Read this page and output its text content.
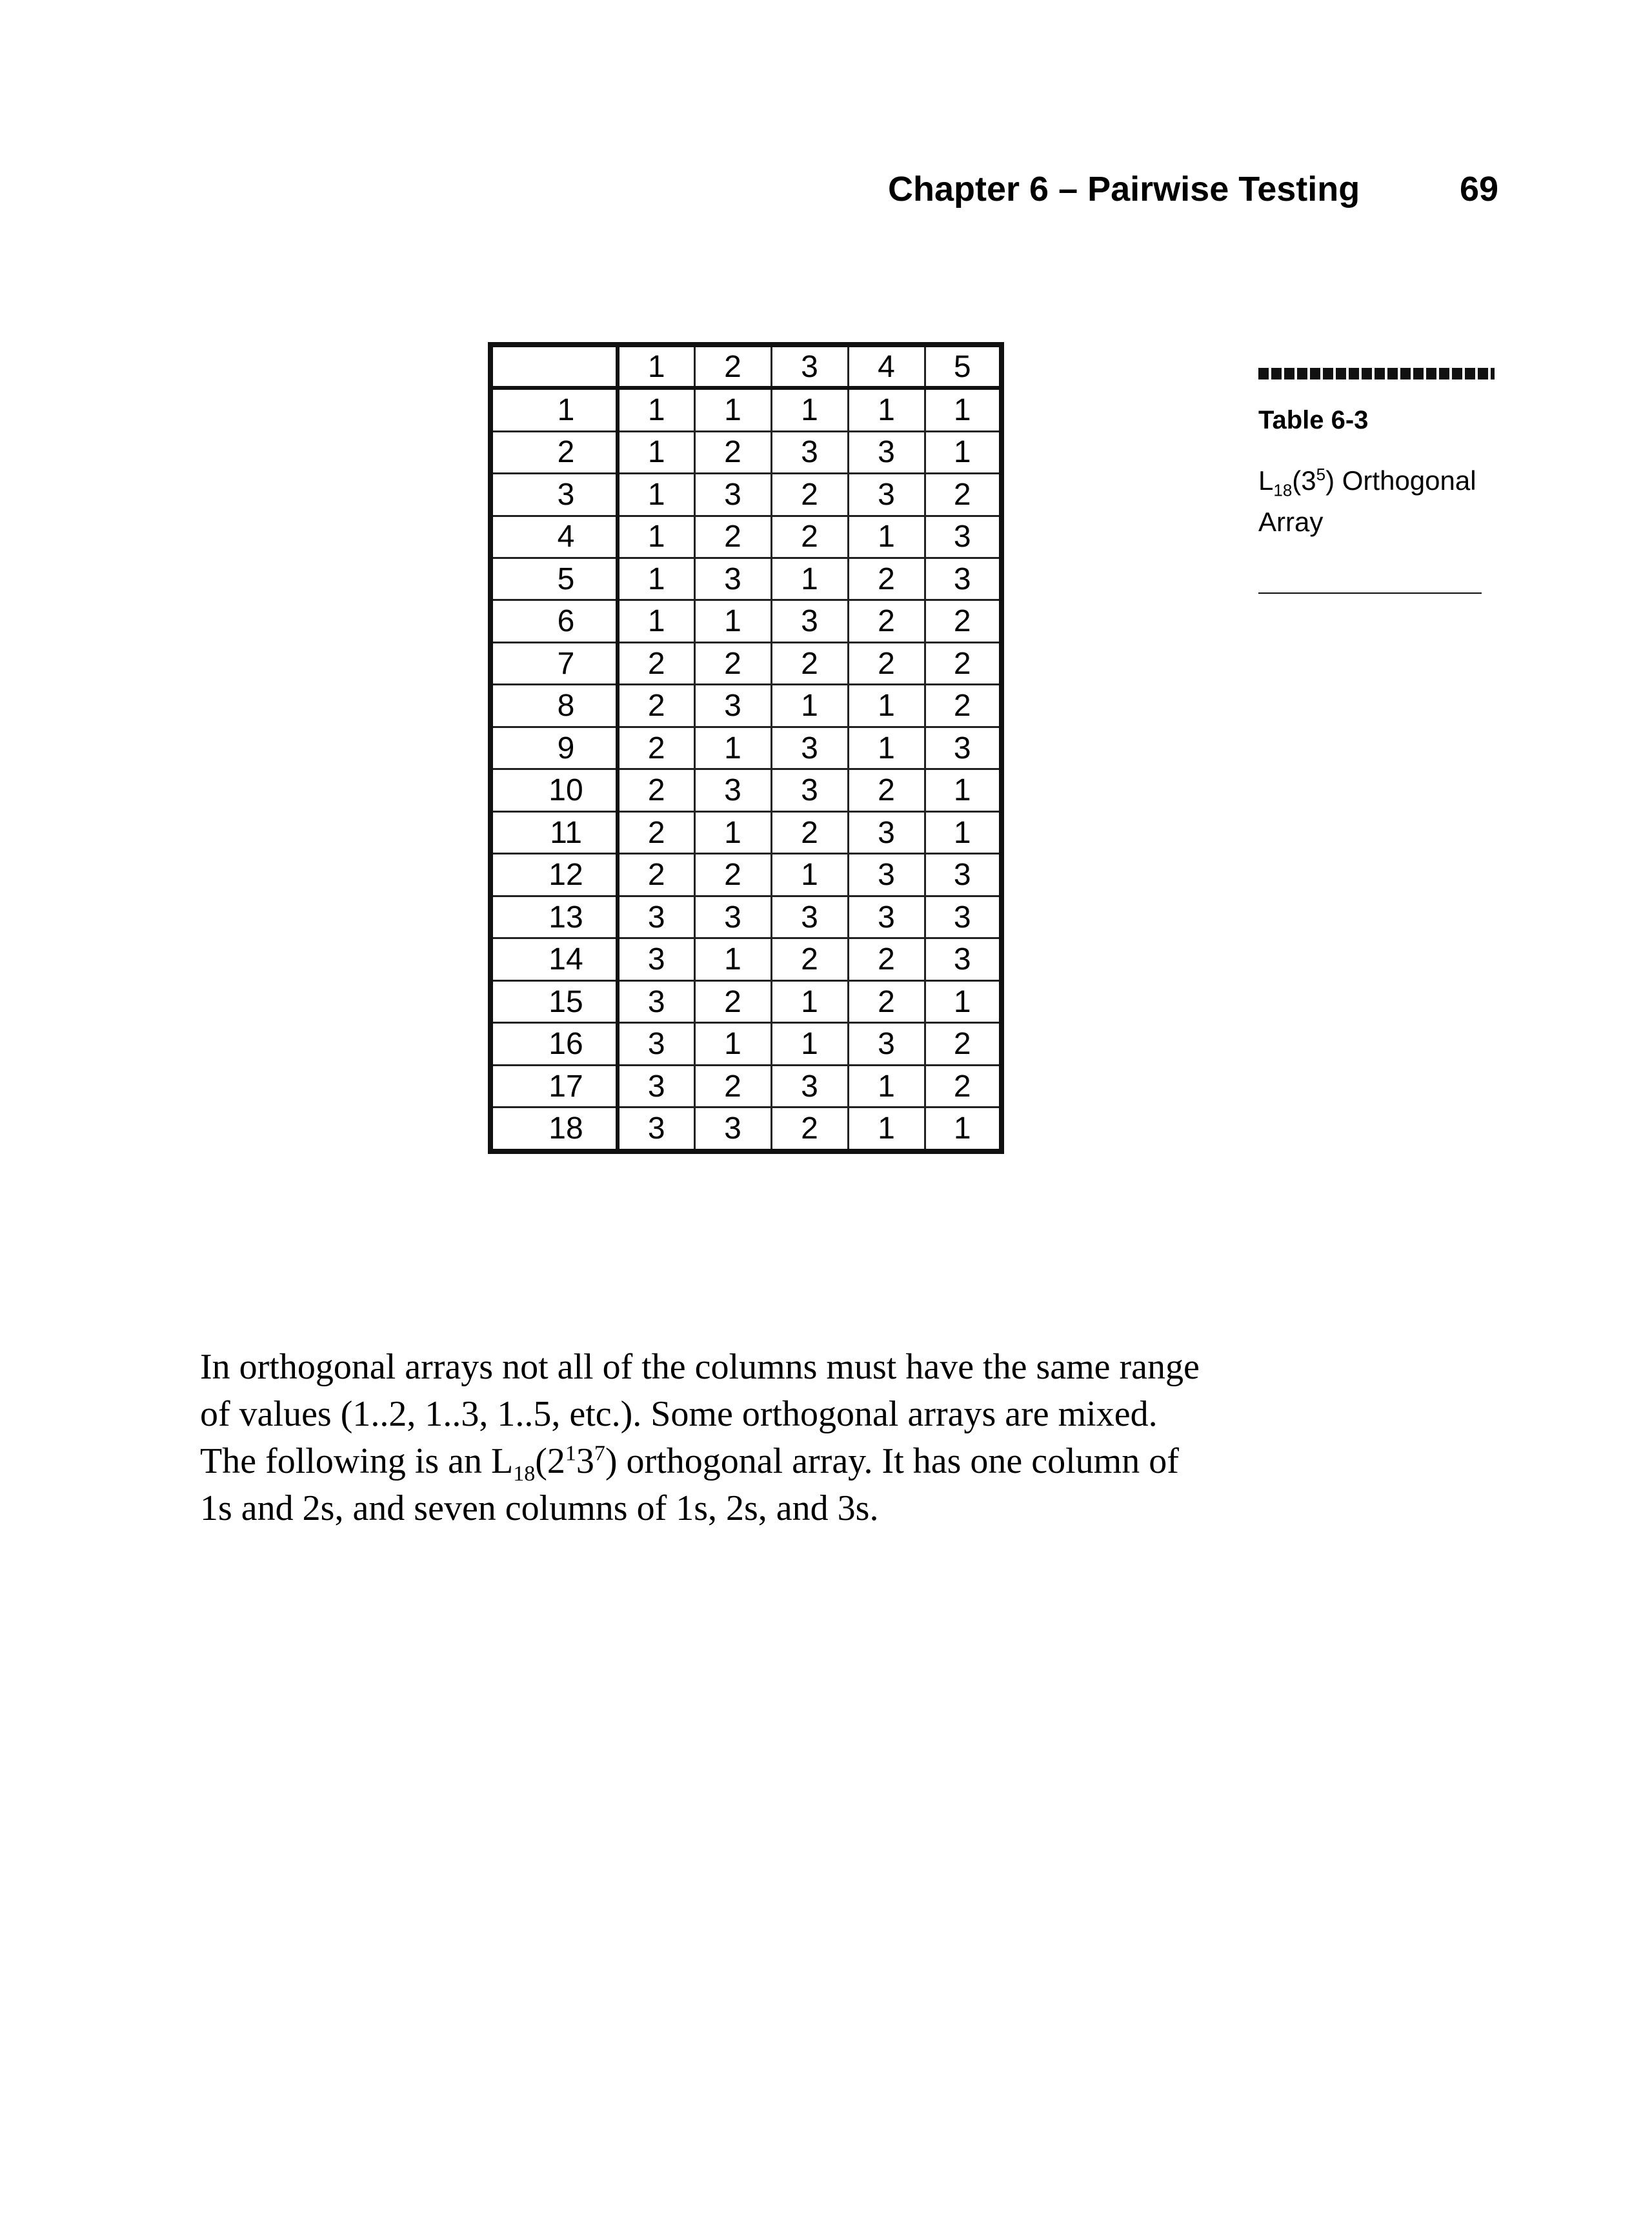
Chapter 6 – Pairwise Testing	69
	1	2	3	4	5
1	1	1	1	1	1
2	1	2	3	3	1
3	1	3	2	3	2
4	1	2	2	1	3
5	1	3	1	2	3
6	1	1	3	2	2
7	2	2	2	2	2
8	2	3	1	1	2
9	2	1	3	1	3
10	2	3	3	2	1
11	2	1	2	3	1
12	2	2	1	3	3
13	3	3	3	3	3
14	3	1	2	2	3
15	3	2	1	2	1
16	3	1	1	3	2
17	3	2	3	1	2
18	3	3	2	1	1
Table 6-3
$L_{18}(3^5)$ Orthogonal Array

In orthogonal arrays not all of the columns must have the same range of values (1..2, 1..3, 1..5, etc.). Some orthogonal arrays are mixed. The following is an $L_{18}(2^13^7)$ orthogonal array. It has one column of 1s and 2s, and seven columns of 1s, 2s, and 3s.
